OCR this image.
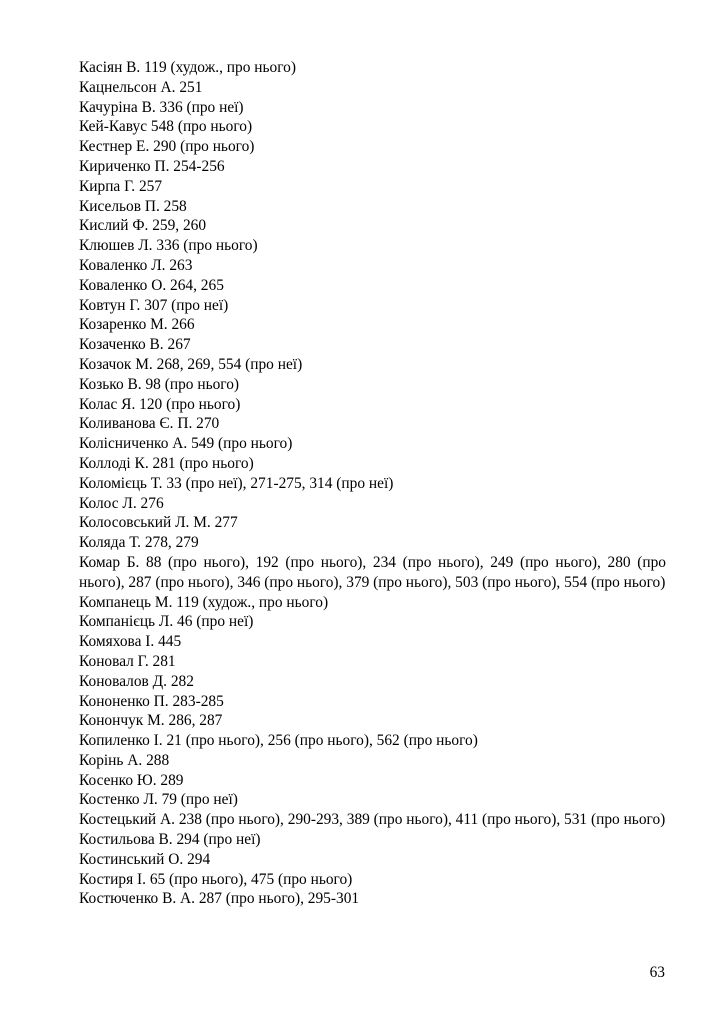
Касіян В. 119 (худож., про нього)
Кацнельсон А. 251
Качуріна В. 336 (про неї)
Кей-Кавус 548 (про нього)
Кестнер Е. 290 (про нього)
Кириченко П. 254-256
Кирпа Г. 257
Кисельов П. 258
Кислий Ф. 259, 260
Клюшев Л. 336 (про нього)
Коваленко Л. 263
Коваленко О. 264, 265
Ковтун Г. 307 (про неї)
Козаренко М. 266
Козаченко В. 267
Козачок М. 268, 269, 554 (про неї)
Козько В. 98 (про нього)
Колас Я. 120 (про нього)
Коливанова Є. П. 270
Колісниченко А. 549 (про нього)
Коллоді К. 281 (про нього)
Коломієць Т. 33 (про неї), 271-275, 314 (про неї)
Колос Л. 276
Колосовський Л. М. 277
Коляда Т. 278, 279
Комар Б. 88 (про нього), 192 (про нього), 234 (про нього), 249 (про нього), 280 (про нього), 287 (про нього), 346 (про нього), 379 (про нього), 503 (про нього), 554 (про нього)
Компанець М. 119 (худож., про нього)
Компанієць Л. 46 (про неї)
Комяхова І. 445
Коновал Г. 281
Коновалов Д. 282
Кононенко П. 283-285
Конончук М. 286, 287
Копиленко І. 21 (про нього), 256 (про нього), 562 (про нього)
Корінь А. 288
Косенко Ю. 289
Костенко Л. 79 (про неї)
Костецький А. 238 (про нього), 290-293, 389 (про нього), 411 (про нього), 531 (про нього)
Костильова В. 294 (про неї)
Костинський О. 294
Костиря І. 65 (про нього), 475 (про нього)
Костюченко В. А. 287 (про нього), 295-301
63
